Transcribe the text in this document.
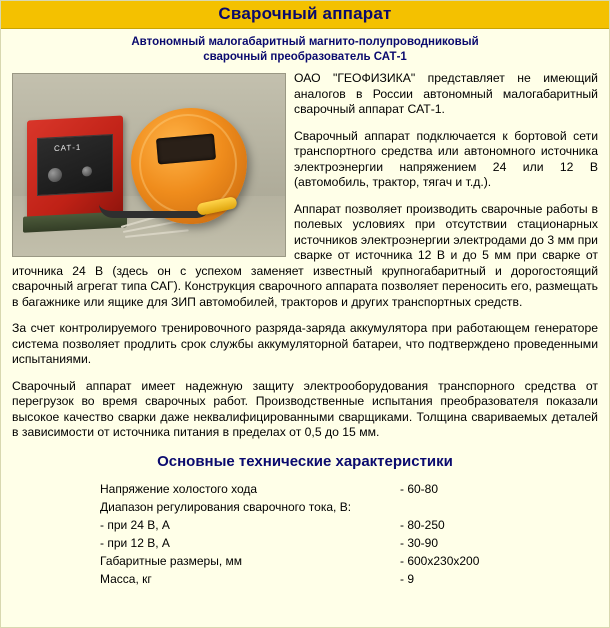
Сварочный аппарат
Автономный малогабаритный магнито-полупроводниковый
сварочный преобразователь САТ-1
САТ-1

ОАО "ГЕОФИЗИКА" представляет не имеющий аналогов в России автономный малогабаритный сварочный аппарат САТ-1.

Сварочный аппарат подключается к бортовой сети транспортного средства или автономного источника электроэнергии напряжением 24 или 12 В (автомобиль, трактор, тягач и т.д.).

Аппарат позволяет производить сварочные работы в полевых условиях при отсутствии стационарных источников электроэнергии электродами до 3 мм при сварке от источника 12 В и до 5 мм при сварке от иточника 24 В (здесь он с успехом заменяет известный крупногабаритный и дорогостоящий сварочный агрегат типа САГ). Конструкция сварочного аппарата позволяет переносить его, размещать в багажнике или ящике для ЗИП автомобилей, тракторов и других транспортных средств.

За счет контролируемого тренировочного разряда-заряда аккумулятора при работающем генераторе система позволяет продлить срок службы аккумуляторной батареи, что подтверждено проведенными испытаниями.

Сварочный аппарат имеет надежную защиту электрооборудования транспорного средства от перегрузок во время сварочных работ. Производственные испытания преобразователя показали высокое качество сварки даже неквалифицированными сварщиками. Толщина свариваемых деталей в зависимости от источника питания в пределах от 0,5 до 15 мм.

Основные технические характеристики
Напряжение холостого хода	- 60-80
Диапазон регулирования сварочного тока, В:	
- при 24 В, А	- 80-250
- при 12 В, А	- 30-90
Габаритные размеры, мм	- 600х230х200
Масса, кг	- 9
